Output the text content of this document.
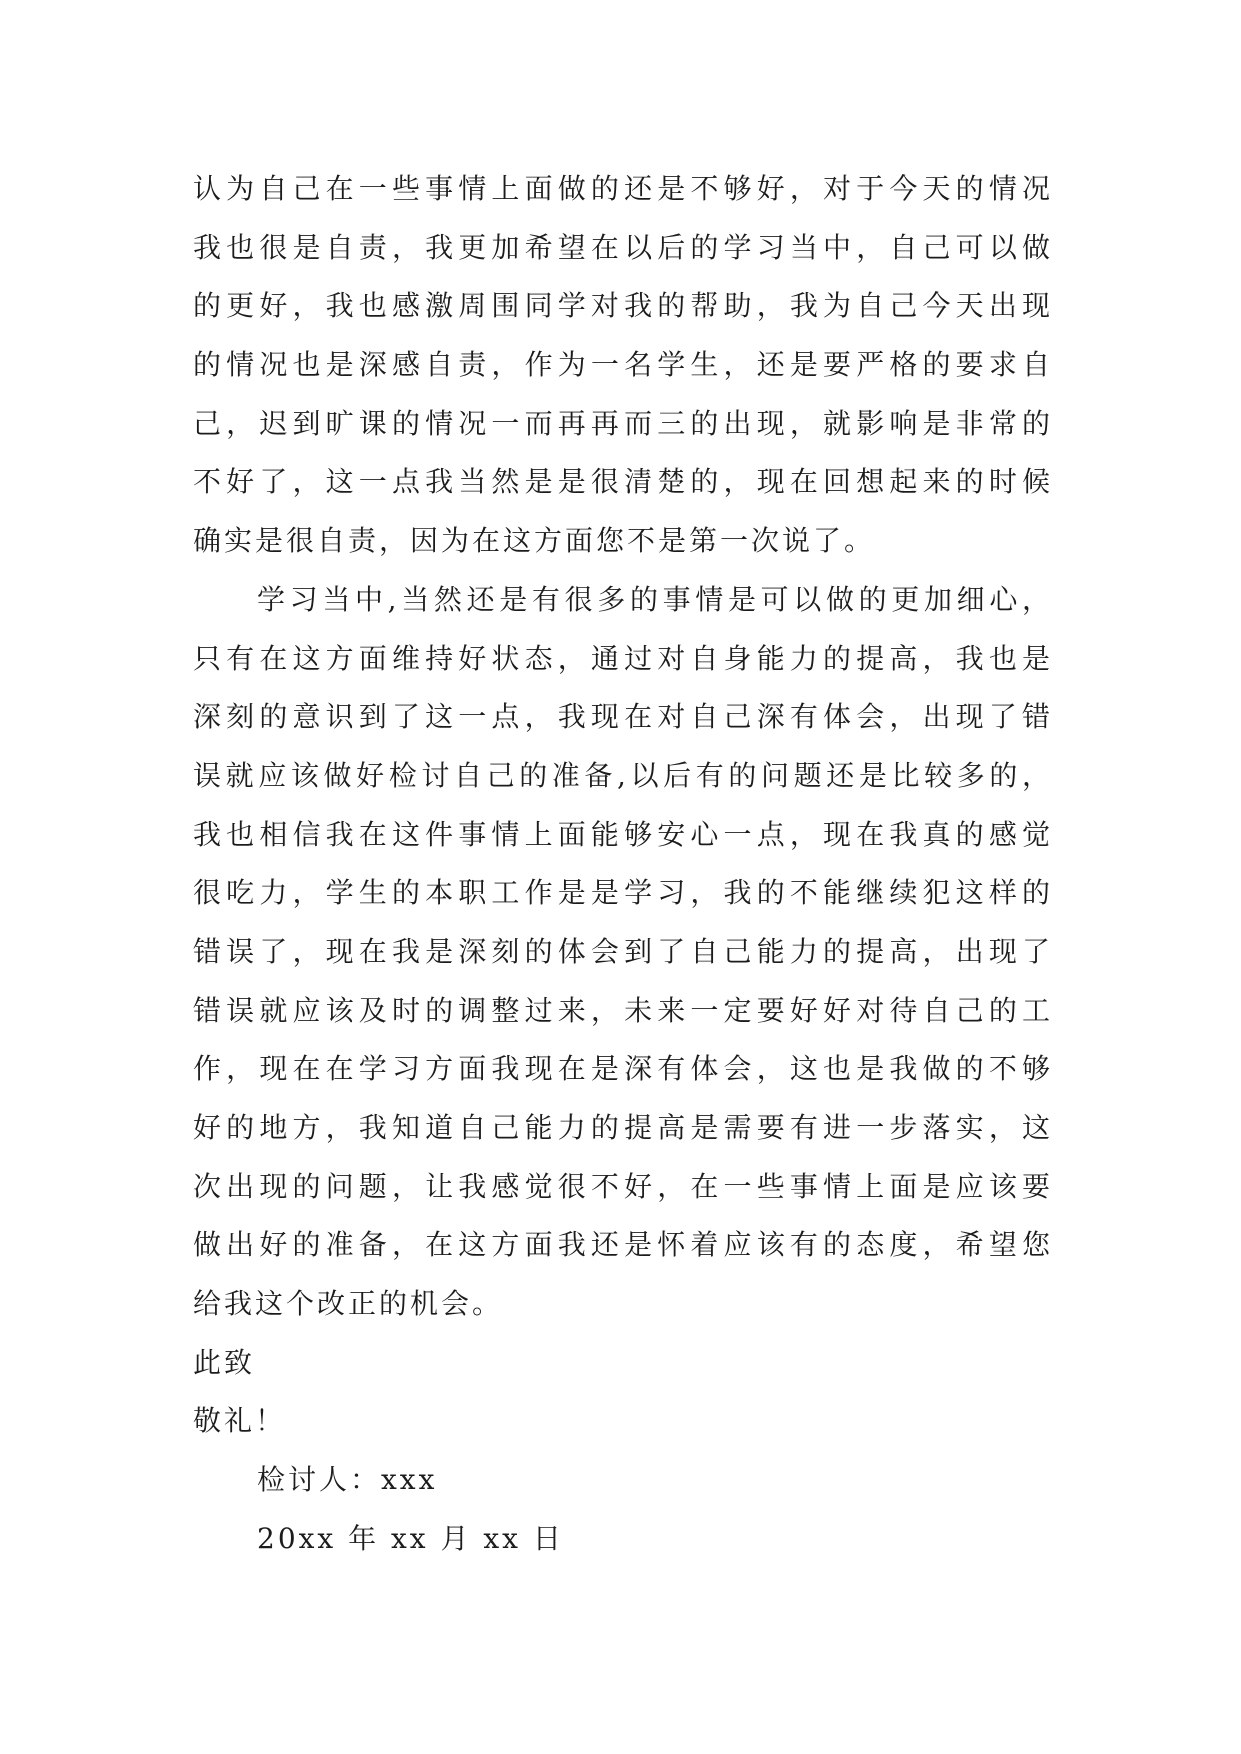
认为自己在一些事情上面做的还是不够好，对于今天的情况
我也很是自责，我更加希望在以后的学习当中，自己可以做
的更好，我也感激周围同学对我的帮助，我为自己今天出现
的情况也是深感自责，作为一名学生，还是要严格的要求自
己，迟到旷课的情况一而再再而三的出现，就影响是非常的
不好了，这一点我当然是是很清楚的，现在回想起来的时候
确实是很自责，因为在这方面您不是第一次说了。
学习当中,当然还是有很多的事情是可以做的更加细心，
只有在这方面维持好状态，通过对自身能力的提高，我也是
深刻的意识到了这一点，我现在对自己深有体会，出现了错
误就应该做好检讨自己的准备,以后有的问题还是比较多的，
我也相信我在这件事情上面能够安心一点，现在我真的感觉
很吃力，学生的本职工作是是学习，我的不能继续犯这样的
错误了，现在我是深刻的体会到了自己能力的提高，出现了
错误就应该及时的调整过来，未来一定要好好对待自己的工
作，现在在学习方面我现在是深有体会，这也是我做的不够
好的地方，我知道自己能力的提高是需要有进一步落实，这
次出现的问题，让我感觉很不好，在一些事情上面是应该要
做出好的准备，在这方面我还是怀着应该有的态度，希望您
给我这个改正的机会。
此致
敬礼！
检讨人：xxx
20xx 年 xx 月 xx 日
